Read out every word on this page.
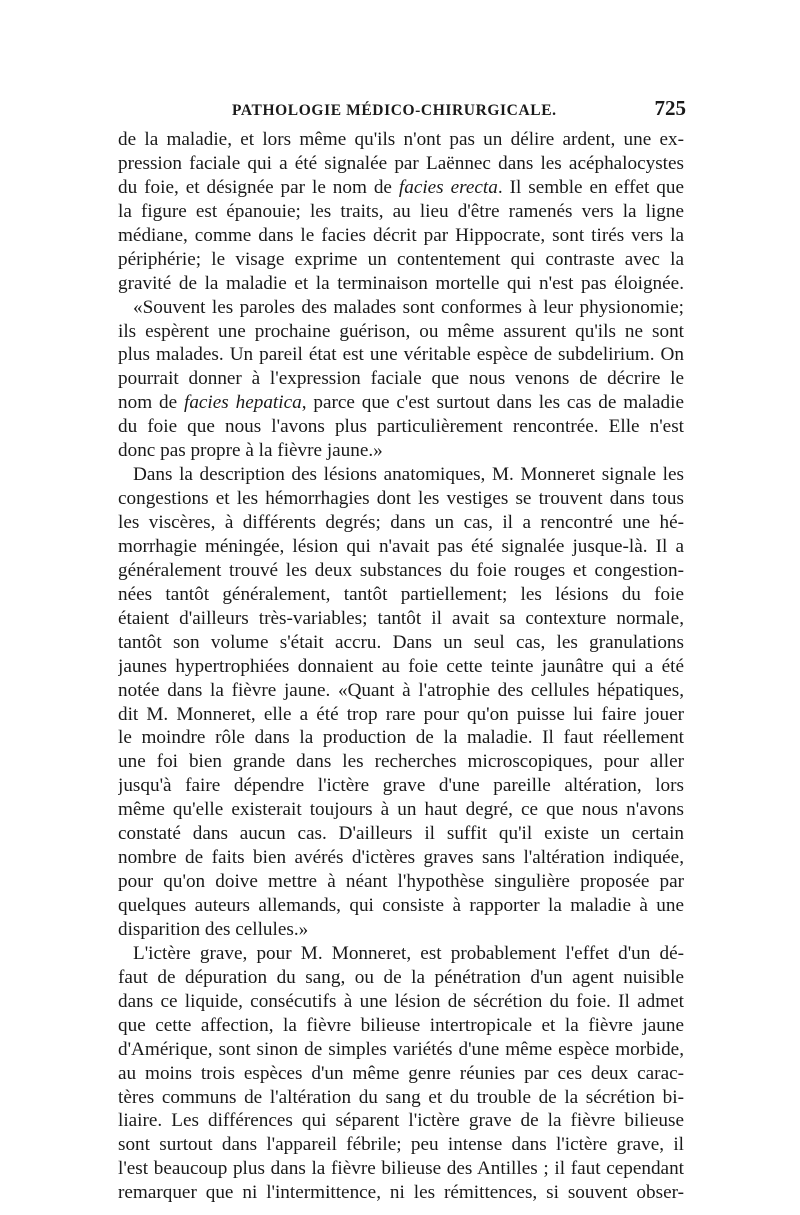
PATHOLOGIE MÉDICO-CHIRURGICALE.	725
de la maladie, et lors même qu'ils n'ont pas un délire ardent, une ex-
pression faciale qui a été signalée par Laënnec dans les acéphalocystes
du foie, et désignée par le nom de facies erecta. Il semble en effet que
la figure est épanouie; les traits, au lieu d'être ramenés vers la ligne
médiane, comme dans le facies décrit par Hippocrate, sont tirés vers la
périphérie; le visage exprime un contentement qui contraste avec la
gravité de la maladie et la terminaison mortelle qui n'est pas éloignée.
«Souvent les paroles des malades sont conformes à leur physionomie;
ils espèrent une prochaine guérison, ou même assurent qu'ils ne sont
plus malades. Un pareil état est une véritable espèce de subdelirium. On
pourrait donner à l'expression faciale que nous venons de décrire le
nom de facies hepatica, parce que c'est surtout dans les cas de maladie
du foie que nous l'avons plus particulièrement rencontrée. Elle n'est
donc pas propre à la fièvre jaune.»
Dans la description des lésions anatomiques, M. Monneret signale les
congestions et les hémorrhagies dont les vestiges se trouvent dans tous
les viscères, à différents degrés; dans un cas, il a rencontré une hé-
morrhagie méningée, lésion qui n'avait pas été signalée jusque-là. Il a
généralement trouvé les deux substances du foie rouges et congestion-
nées tantôt généralement, tantôt partiellement; les lésions du foie
étaient d'ailleurs très-variables; tantôt il avait sa contexture normale,
tantôt son volume s'était accru. Dans un seul cas, les granulations
jaunes hypertrophiées donnaient au foie cette teinte jaunâtre qui a été
notée dans la fièvre jaune. «Quant à l'atrophie des cellules hépatiques,
dit M. Monneret, elle a été trop rare pour qu'on puisse lui faire jouer
le moindre rôle dans la production de la maladie. Il faut réellement
une foi bien grande dans les recherches microscopiques, pour aller
jusqu'à faire dépendre l'ictère grave d'une pareille altération, lors
même qu'elle existerait toujours à un haut degré, ce que nous n'avons
constaté dans aucun cas. D'ailleurs il suffit qu'il existe un certain
nombre de faits bien avérés d'ictères graves sans l'altération indiquée,
pour qu'on doive mettre à néant l'hypothèse singulière proposée par
quelques auteurs allemands, qui consiste à rapporter la maladie à une
disparition des cellules.»
L'ictère grave, pour M. Monneret, est probablement l'effet d'un dé-
faut de dépuration du sang, ou de la pénétration d'un agent nuisible
dans ce liquide, consécutifs à une lésion de sécrétion du foie. Il admet
que cette affection, la fièvre bilieuse intertropicale et la fièvre jaune
d'Amérique, sont sinon de simples variétés d'une même espèce morbide,
au moins trois espèces d'un même genre réunies par ces deux carac-
tères communs de l'altération du sang et du trouble de la sécrétion bi-
liaire. Les différences qui séparent l'ictère grave de la fièvre bilieuse
sont surtout dans l'appareil fébrile; peu intense dans l'ictère grave, il
l'est beaucoup plus dans la fièvre bilieuse des Antilles ; il faut cependant
remarquer que ni l'intermittence, ni les rémittences, si souvent obser-
